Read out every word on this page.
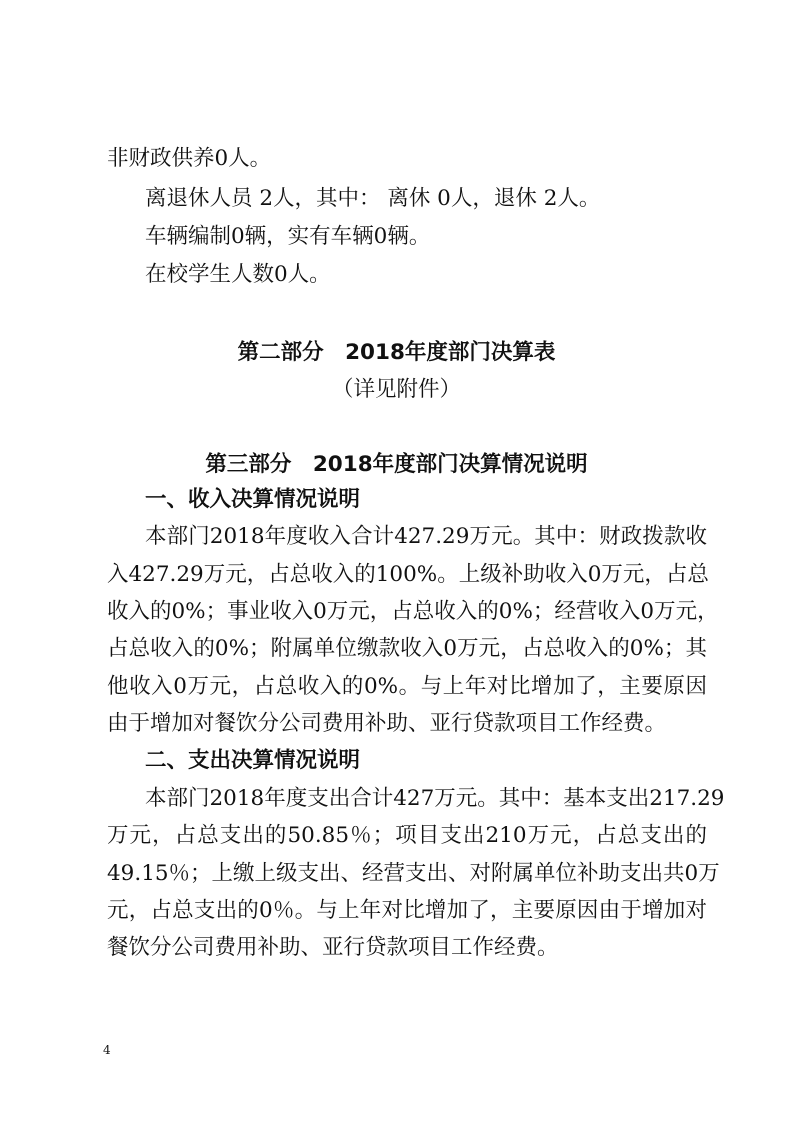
非财政供养0人。
离退休人员 2人，其中： 离休 0人，退休 2人。
车辆编制0辆，实有车辆0辆。
在校学生人数0人。
第二部分　2018年度部门决算表
（详见附件）
第三部分　2018年度部门决算情况说明
一、收入决算情况说明
本部门2018年度收入合计427.29万元。其中：财政拨款收
入427.29万元，占总收入的100%。上级补助收入0万元，占总
收入的0%；事业收入0万元，占总收入的0%；经营收入0万元，
占总收入的0%；附属单位缴款收入0万元，占总收入的0%；其
他收入0万元，占总收入的0%。与上年对比增加了，主要原因
由于增加对餐饮分公司费用补助、亚行贷款项目工作经费。
二、支出决算情况说明
本部门2018年度支出合计427万元。其中：基本支出217.29
万元，占总支出的50.85％；项目支出210万元，占总支出的
49.15％；上缴上级支出、经营支出、对附属单位补助支出共0万
元，占总支出的0％。与上年对比增加了，主要原因由于增加对
餐饮分公司费用补助、亚行贷款项目工作经费。
4
